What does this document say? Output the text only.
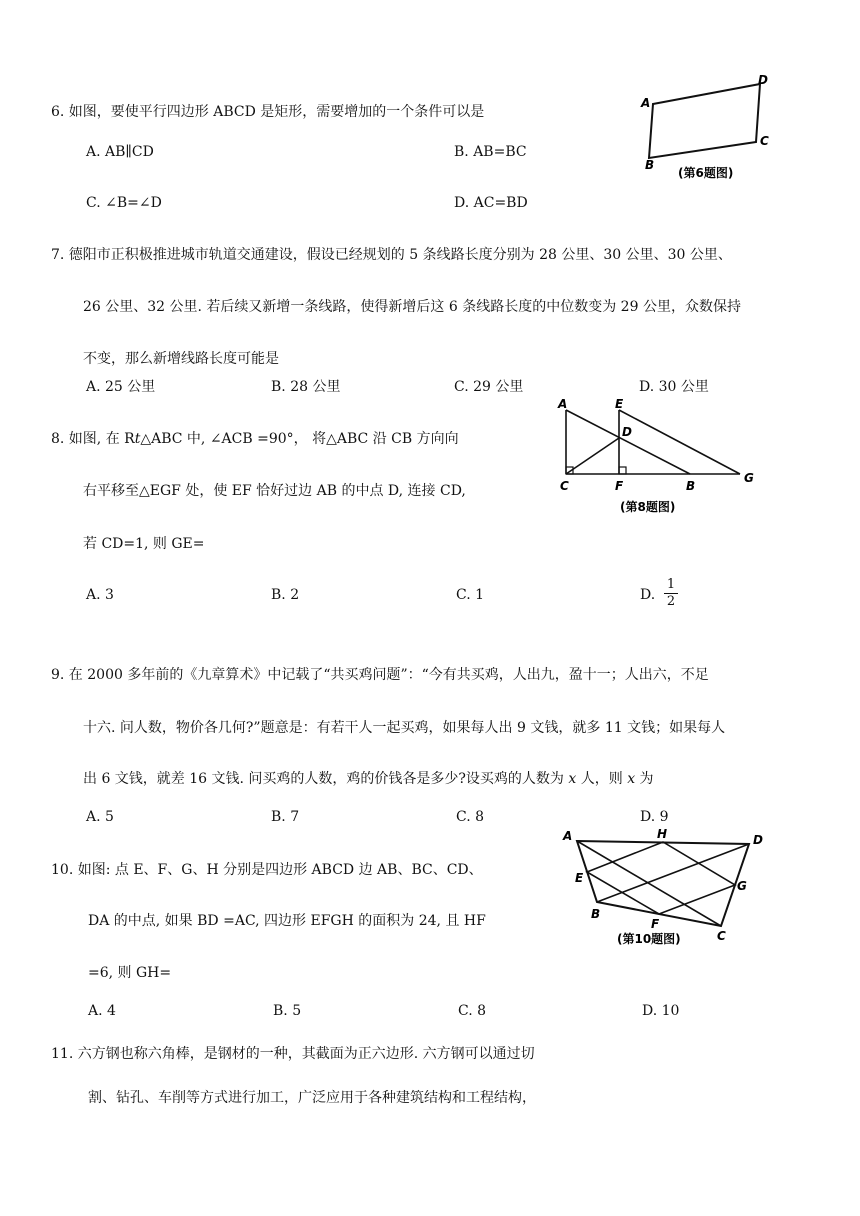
6. 如图，要使平行四边形 ABCD 是矩形，需要增加的一个条件可以是
A. AB∥CD	B. AB=BC
C. ∠B=∠D	D. AC=BD
A
D
C
B
(第6题图)
7. 德阳市正积极推进城市轨道交通建设，假设已经规划的 5 条线路长度分别为 28 公里、30 公里、30 公里、
26 公里、32 公里. 若后续又新增一条线路，使得新增后这 6 条线路长度的中位数变为 29 公里，众数保持
不变，那么新增线路长度可能是
A. 25 公里	B. 28 公里	C. 29 公里	D. 30 公里
8. 如图, 在 Rt△ABC 中, ∠ACB =90°， 将△ABC 沿 CB 方向向
右平移至△EGF 处，使 EF 恰好过边 AB 的中点 D, 连接 CD,
若 CD=1, 则 GE=
A. 3	B. 2	C. 1	D.
1
2
A	E
D
C	F	B
G
(第8题图)
9. 在 2000 多年前的《九章算术》中记载了“共买鸡问题”：“今有共买鸡，人出九，盈十一；人出六，不足
十六. 问人数，物价各几何?”题意是：有若干人一起买鸡，如果每人出 9 文钱，就多 11 文钱；如果每人
出 6 文钱，就差 16 文钱. 问买鸡的人数，鸡的价钱各是多少?设买鸡的人数为 x 人，则 x 为
A. 5	B. 7	C. 8	D. 9
10. 如图: 点 E、F、G、H 分别是四边形 ABCD 边 AB、BC、CD、
DA 的中点, 如果 BD =AC, 四边形 EFGH 的面积为 24, 且 HF
=6, 则 GH=
A. 4	B. 5	C. 8	D. 10
A	H	D
E
G
B
F
C
(第10题图)
11. 六方钢也称六角棒，是钢材的一种，其截面为正六边形. 六方钢可以通过切
割、钻孔、车削等方式进行加工，广泛应用于各种建筑结构和工程结构，
